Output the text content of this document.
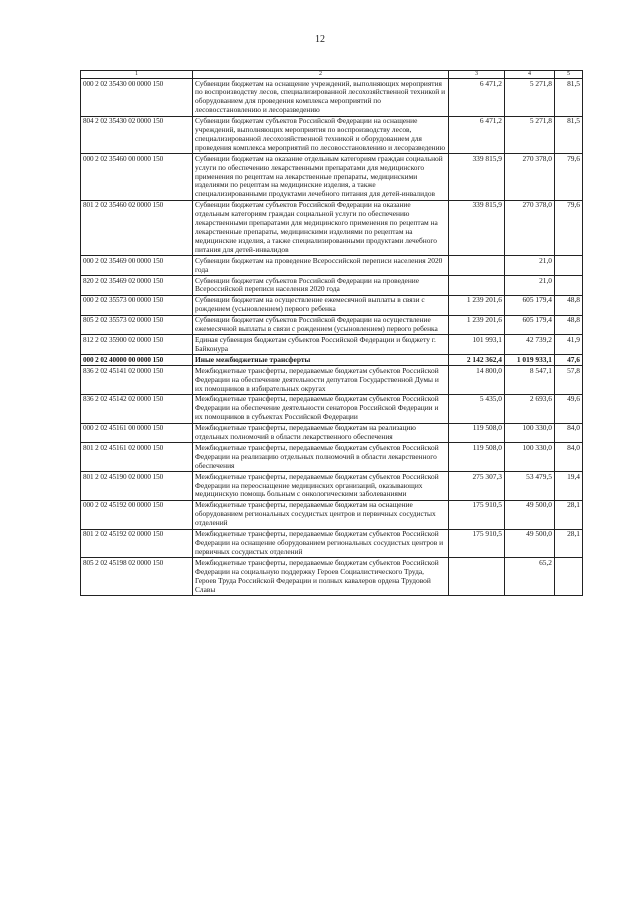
12
1	2	3	4	5
000 2 02 35430 00 0000 150	Субвенции бюджетам на оснащение учреждений, выполняющих мероприятия по воспроизводству лесов, специализированной лесохозяйственной техникой и оборудованием для проведения комплекса мероприятий по лесовосстановлению и лесоразведению	6 471,2	5 271,8	81,5
804 2 02 35430 02 0000 150	Субвенции бюджетам субъектов Российской Федерации на оснащение учреждений, выполняющих мероприятия по воспроизводству лесов, специализированной лесохозяйственной техникой и оборудованием для проведения комплекса мероприятий по лесовосстановлению и лесоразведению	6 471,2	5 271,8	81,5
000 2 02 35460 00 0000 150	Субвенции бюджетам на оказание отдельным категориям граждан социальной услуги по обеспечению лекарственными препаратами для медицинского применения по рецептам на лекарственные препараты, медицинскими изделиями по рецептам на медицинские изделия, а также специализированными продуктами лечебного питания для детей-инвалидов	339 815,9	270 378,0	79,6
801 2 02 35460 02 0000 150	Субвенции бюджетам субъектов Российской Федерации на оказание отдельным категориям граждан социальной услуги по обеспечению лекарственными препаратами для медицинского применения по рецептам на лекарственные препараты, медицинскими изделиями по рецептам на медицинские изделия, а также специализированными продуктами лечебного питания для детей-инвалидов	339 815,9	270 378,0	79,6
000 2 02 35469 00 0000 150	Субвенции бюджетам на проведение Всероссийской переписи населения 2020 года		21,0	
820 2 02 35469 02 0000 150	Субвенции бюджетам субъектов Российской Федерации на проведение Всероссийской переписи населения 2020 года		21,0	
000 2 02 35573 00 0000 150	Субвенции бюджетам на осуществление ежемесячной выплаты в связи с рождением (усыновлением) первого ребенка	1 239 201,6	605 179,4	48,8
805 2 02 35573 02 0000 150	Субвенции бюджетам субъектов Российской Федерации на осуществление ежемесячной выплаты в связи с рождением (усыновлением) первого ребенка	1 239 201,6	605 179,4	48,8
812 2 02 35900 02 0000 150	Единая субвенция бюджетам субъектов Российской Федерации и бюджету г. Байконура	101 993,1	42 739,2	41,9
000 2 02 40000 00 0000 150	Иные межбюджетные трансферты	2 142 362,4	1 019 933,1	47,6
836 2 02 45141 02 0000 150	Межбюджетные трансферты, передаваемые бюджетам субъектов Российской Федерации на обеспечение деятельности депутатов Государственной Думы и их помощников в избирательных округах	14 800,0	8 547,1	57,8
836 2 02 45142 02 0000 150	Межбюджетные трансферты, передаваемые бюджетам субъектов Российской Федерации на обеспечение деятельности сенаторов Российской Федерации и их помощников в субъектах Российской Федерации	5 435,0	2 693,6	49,6
000 2 02 45161 00 0000 150	Межбюджетные трансферты, передаваемые бюджетам на реализацию отдельных полномочий в области лекарственного обеспечения	119 508,0	100 330,0	84,0
801 2 02 45161 02 0000 150	Межбюджетные трансферты, передаваемые бюджетам субъектов Российской Федерации на реализацию отдельных полномочий в области лекарственного обеспечения	119 508,0	100 330,0	84,0
801 2 02 45190 02 0000 150	Межбюджетные трансферты, передаваемые бюджетам субъектов Российской Федерации на переоснащение медицинских организаций, оказывающих медицинскую помощь больным с онкологическими заболеваниями	275 307,3	53 479,5	19,4
000 2 02 45192 00 0000 150	Межбюджетные трансферты, передаваемые бюджетам на оснащение оборудованием региональных сосудистых центров и первичных сосудистых отделений	175 910,5	49 500,0	28,1
801 2 02 45192 02 0000 150	Межбюджетные трансферты, передаваемые бюджетам субъектов Российской Федерации на оснащение оборудованием региональных сосудистых центров и первичных сосудистых отделений	175 910,5	49 500,0	28,1
805 2 02 45198 02 0000 150	Межбюджетные трансферты, передаваемые бюджетам субъектов Российской Федерации на социальную поддержку Героев Социалистического Труда, Героев Труда Российской Федерации и полных кавалеров ордена Трудовой Славы		65,2	
